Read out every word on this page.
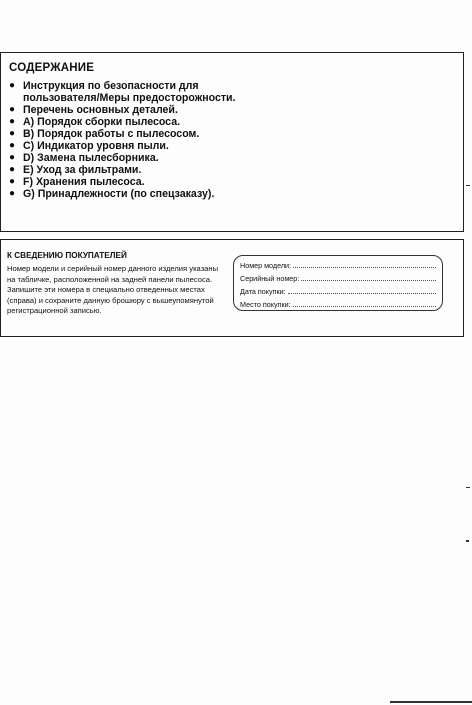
СОДЕРЖАНИЕ
● Инструкция по безопасности для пользователя/Меры предосторожности.
● Перечень основных деталей.
● A) Порядок сборки пылесоса.
● B) Порядок работы с пылесосом.
● C) Индикатор уровня пыли.
● D) Замена пылесборника.
● E) Уход за фильтрами.
● F) Хранения пылесоса.
● G) Принадлежности (по спецзаказу).
К СВЕДЕНИЮ ПОКУПАТЕЛЕЙ
Номер модели и серийный номер данного изделия указаны на табличке, расположенной на задней панели пылесоса. Запишите эти номера в специально отведенных местах (справа) и сохраните данную брошюру с вышеупомянутой регистрационной записью.
Номер модели:
Серийный номер:
Дата покупки:
Место покупки:
